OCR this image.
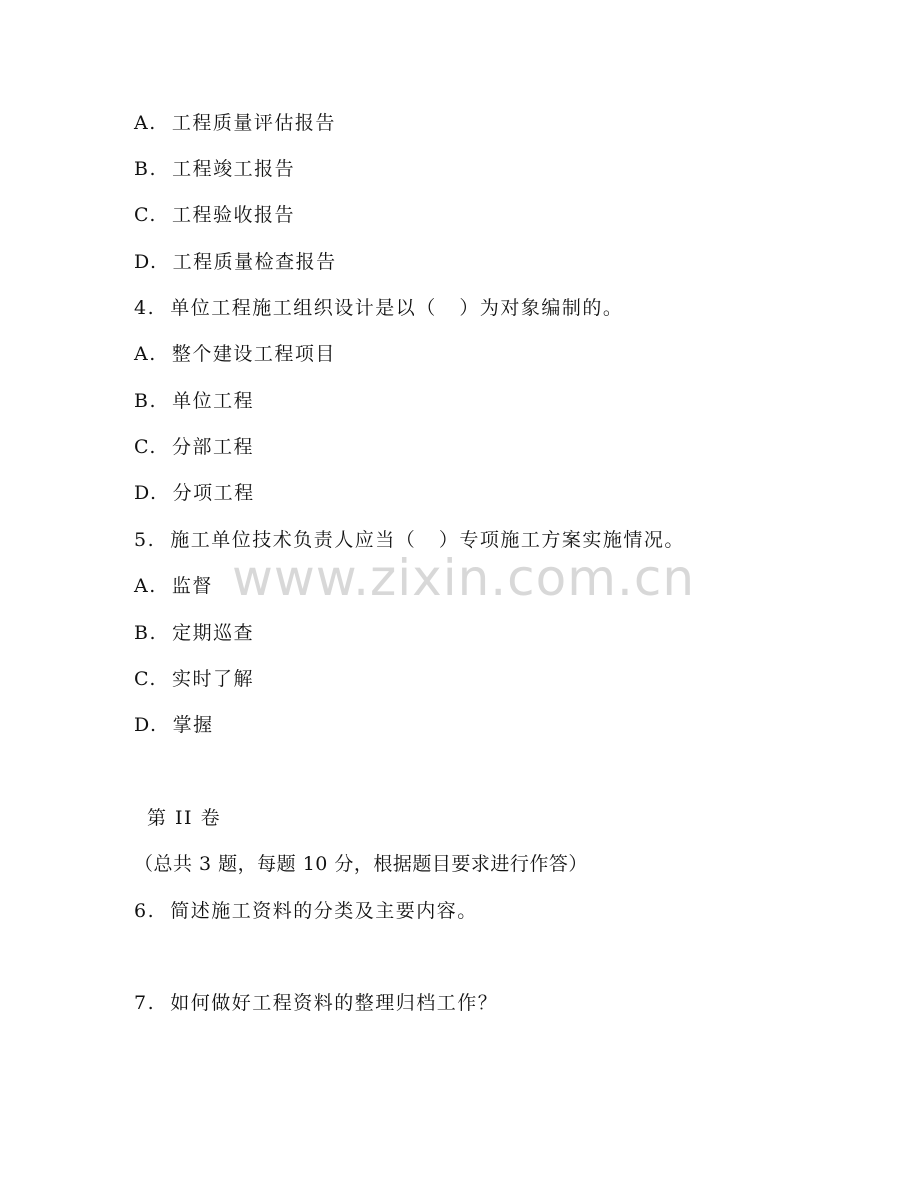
A.  工程质量评估报告
B.  工程竣工报告
C.  工程验收报告
D.  工程质量检查报告
4.  单位工程施工组织设计是以（   ）为对象编制的。
A.  整个建设工程项目
B.  单位工程
C.  分部工程
D.  分项工程
5.  施工单位技术负责人应当（   ）专项施工方案实施情况。
A.  监督
B.  定期巡查
C.  实时了解
D.  掌握
第 II 卷
（总共 3 题，每题 10 分，根据题目要求进行作答）
6.  简述施工资料的分类及主要内容。
7.  如何做好工程资料的整理归档工作？
www.zixin.com.cn
